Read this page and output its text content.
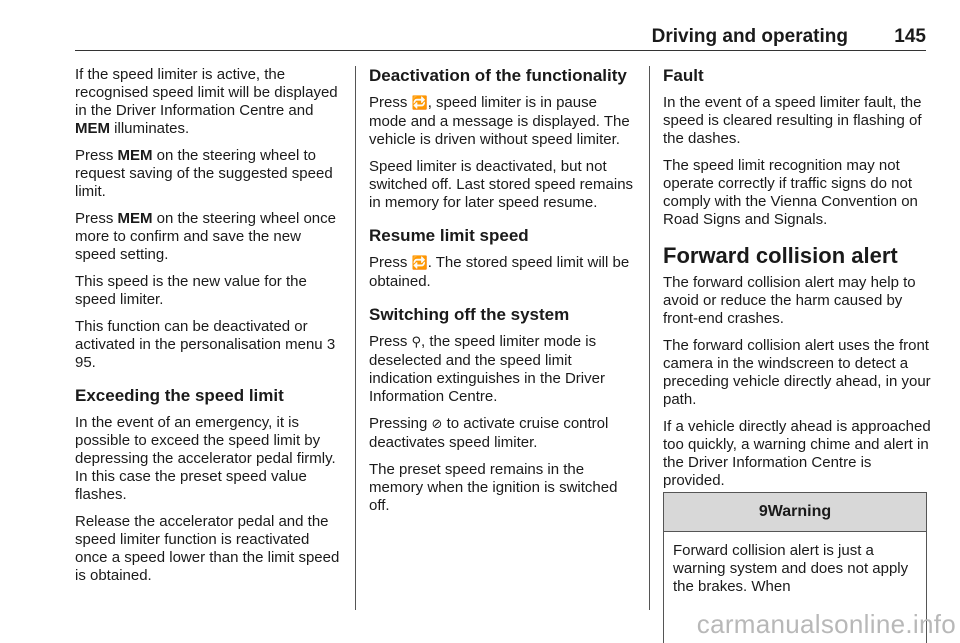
Driving and operating 145

If the speed limiter is active, the recognised speed limit will be displayed in the Driver Information Centre and MEM illuminates.

Press MEM on the steering wheel to request saving of the suggested speed limit.

Press MEM on the steering wheel once more to confirm and save the new speed setting.

This speed is the new value for the speed limiter.

This function can be deactivated or activated in the personalisation menu 3 95.

Exceeding the speed limit

In the event of an emergency, it is possible to exceed the speed limit by depressing the accelerator pedal firmly. In this case the preset speed value flashes.

Release the accelerator pedal and the speed limiter function is reactivated once a speed lower than the limit speed is obtained.

Deactivation of the functionality

Press 🔁, speed limiter is in pause mode and a message is displayed. The vehicle is driven without speed limiter.

Speed limiter is deactivated, but not switched off. Last stored speed remains in memory for later speed resume.

Resume limit speed

Press 🔁. The stored speed limit will be obtained.

Switching off the system

Press ⚲, the speed limiter mode is deselected and the speed limit indication extinguishes in the Driver Information Centre.

Pressing ⊘ to activate cruise control deactivates speed limiter.

The preset speed remains in the memory when the ignition is switched off.

Fault

In the event of a speed limiter fault, the speed is cleared resulting in flashing of the dashes.

The speed limit recognition may not operate correctly if traffic signs do not comply with the Vienna Convention on Road Signs and Signals.

Forward collision alert

The forward collision alert may help to avoid or reduce the harm caused by front-end crashes.

The forward collision alert uses the front camera in the windscreen to detect a preceding vehicle directly ahead, in your path.

If a vehicle directly ahead is approached too quickly, a warning chime and alert in the Driver Information Centre is provided.

9Warning
Forward collision alert is just a warning system and does not apply the brakes. When
carmanualsonline.info
